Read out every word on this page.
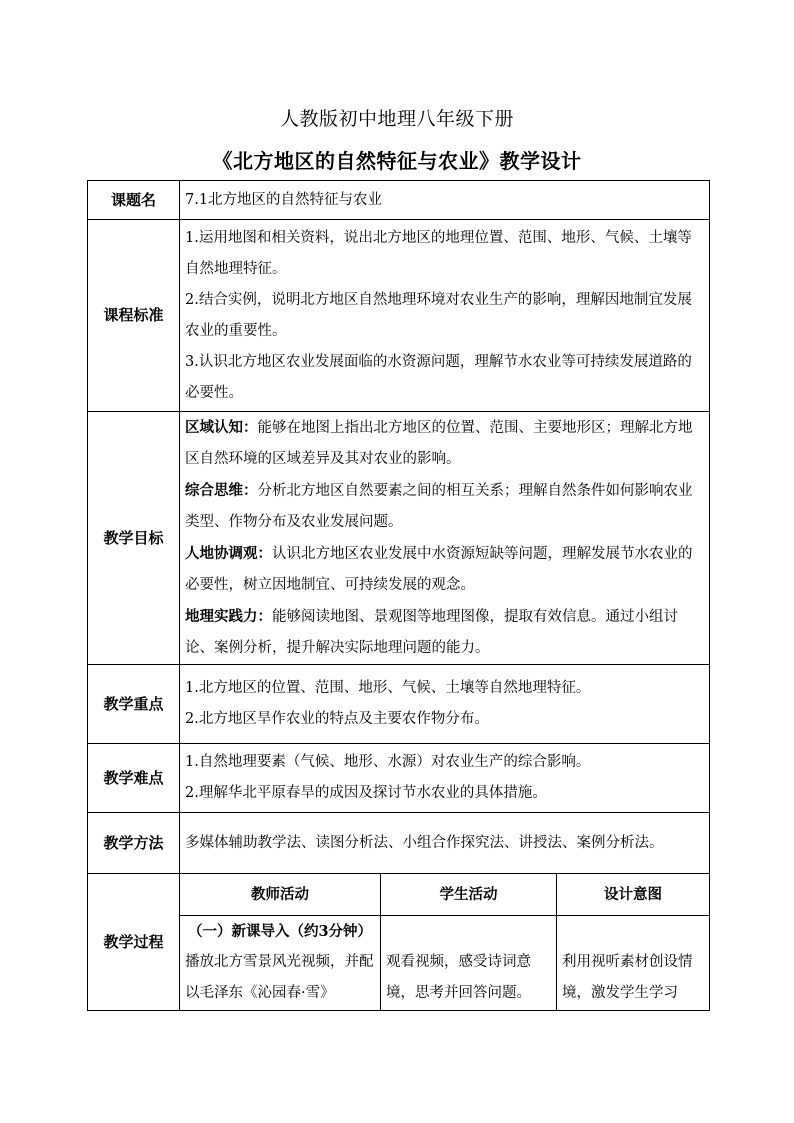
人教版初中地理八年级下册
《北方地区的自然特征与农业》教学设计
课题名	7.1北方地区的自然特征与农业		
课程标准	1.运用地图和相关资料，说出北方地区的地理位置、范围、地形、气候、土壤等自然地理特征。
2.结合实例，说明北方地区自然地理环境对农业生产的影响，理解因地制宜发展农业的重要性。
3.认识北方地区农业发展面临的水资源问题，理解节水农业等可持续发展道路的必要性。		

教学目标	区域认知：能够在地图上指出北方地区的位置、范围、主要地形区；理解北方地区自然环境的区域差异及其对农业的影响。
综合思维：分析北方地区自然要素之间的相互关系；理解自然条件如何影响农业类型、作物分布及农业发展问题。
人地协调观：认识北方地区农业发展中水资源短缺等问题，理解发展节水农业的必要性，树立因地制宜、可持续发展的观念。
地理实践力：能够阅读地图、景观图等地理图像，提取有效信息。通过小组讨论、案例分析，提升解决实际地理问题的能力。		

教学重点	1.北方地区的位置、范围、地形、气候、土壤等自然地理特征。
2.北方地区旱作农业的特点及主要农作物分布。		

教学难点	1.自然地理要素（气候、地形、水源）对农业生产的综合影响。
2.理解华北平原春旱的成因及探讨节水农业的具体措施。		

教学方法	多媒体辅助教学法、读图分析法、小组合作探究法、讲授法、案例分析法。		
教学过程	教师活动	学生活动	设计意图

	（一）新课导入（约3分钟）
播放北方雪景风光视频，并配以毛泽东《沁园春·雪》	观看视频，感受诗词意境，思考并回答问题。	利用视听素材创设情境，激发学生学习
